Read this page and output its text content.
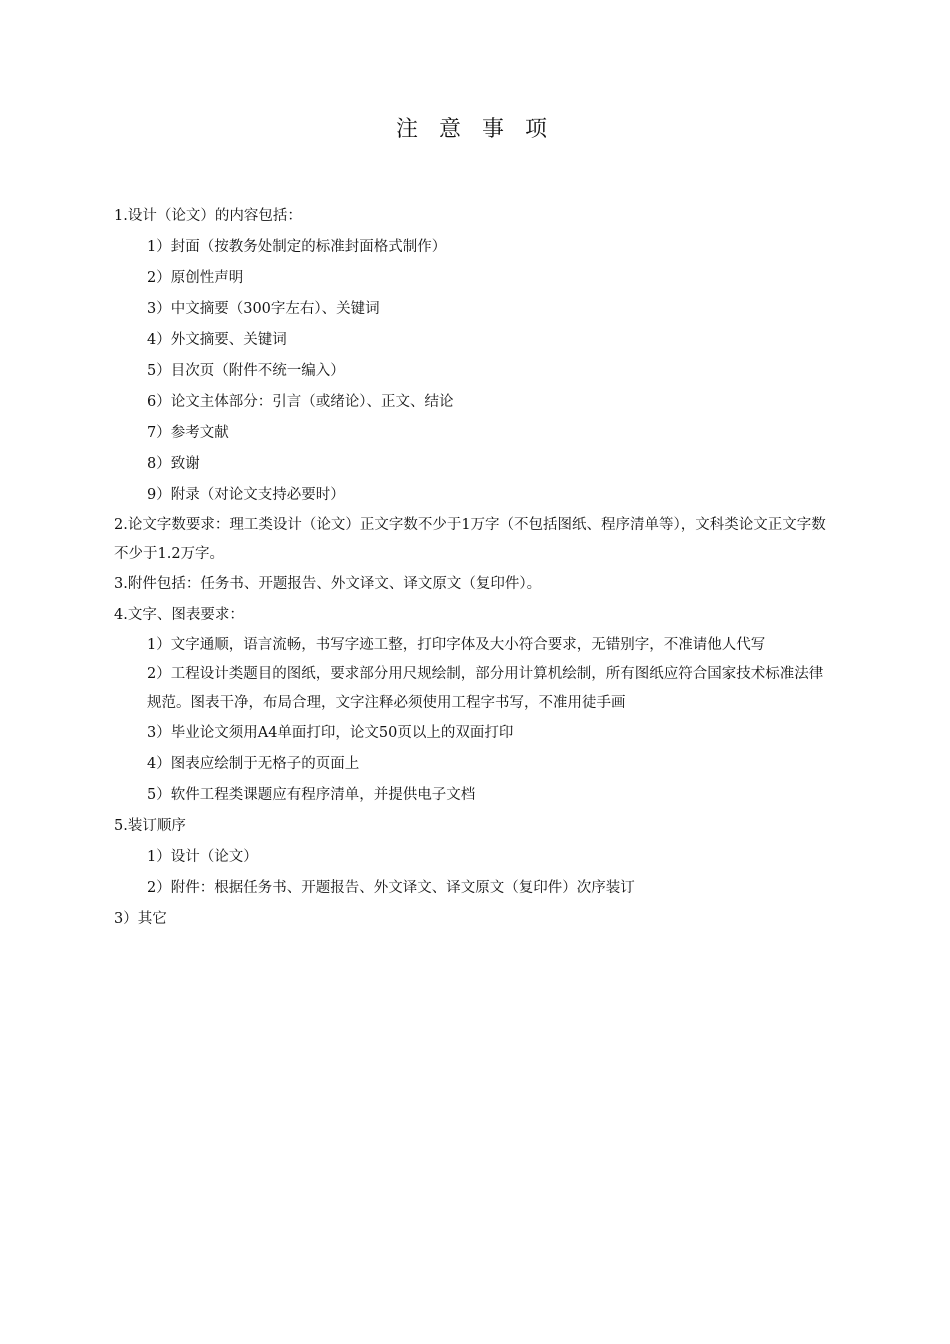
注 意 事 项

1.设计（论文）的内容包括：

1）封面（按教务处制定的标准封面格式制作）

2）原创性声明

3）中文摘要（300字左右）、关键词

4）外文摘要、关键词

5）目次页（附件不统一编入）

6）论文主体部分：引言（或绪论）、正文、结论

7）参考文献

8）致谢

9）附录（对论文支持必要时）

2.论文字数要求：理工类设计（论文）正文字数不少于1万字（不包括图纸、程序清单等），文科类论文正文字数不少于1.2万字。

3.附件包括：任务书、开题报告、外文译文、译文原文（复印件）。

4.文字、图表要求：

1）文字通顺，语言流畅，书写字迹工整，打印字体及大小符合要求，无错别字，不准请他人代写

2）工程设计类题目的图纸，要求部分用尺规绘制，部分用计算机绘制，所有图纸应符合国家技术标准法律规范。图表干净，布局合理，文字注释必须使用工程字书写，不准用徒手画

3）毕业论文须用A4单面打印，论文50页以上的双面打印

4）图表应绘制于无格子的页面上

5）软件工程类课题应有程序清单，并提供电子文档

5.装订顺序

1）设计（论文）

2）附件：根据任务书、开题报告、外文译文、译文原文（复印件）次序装订

3）其它
